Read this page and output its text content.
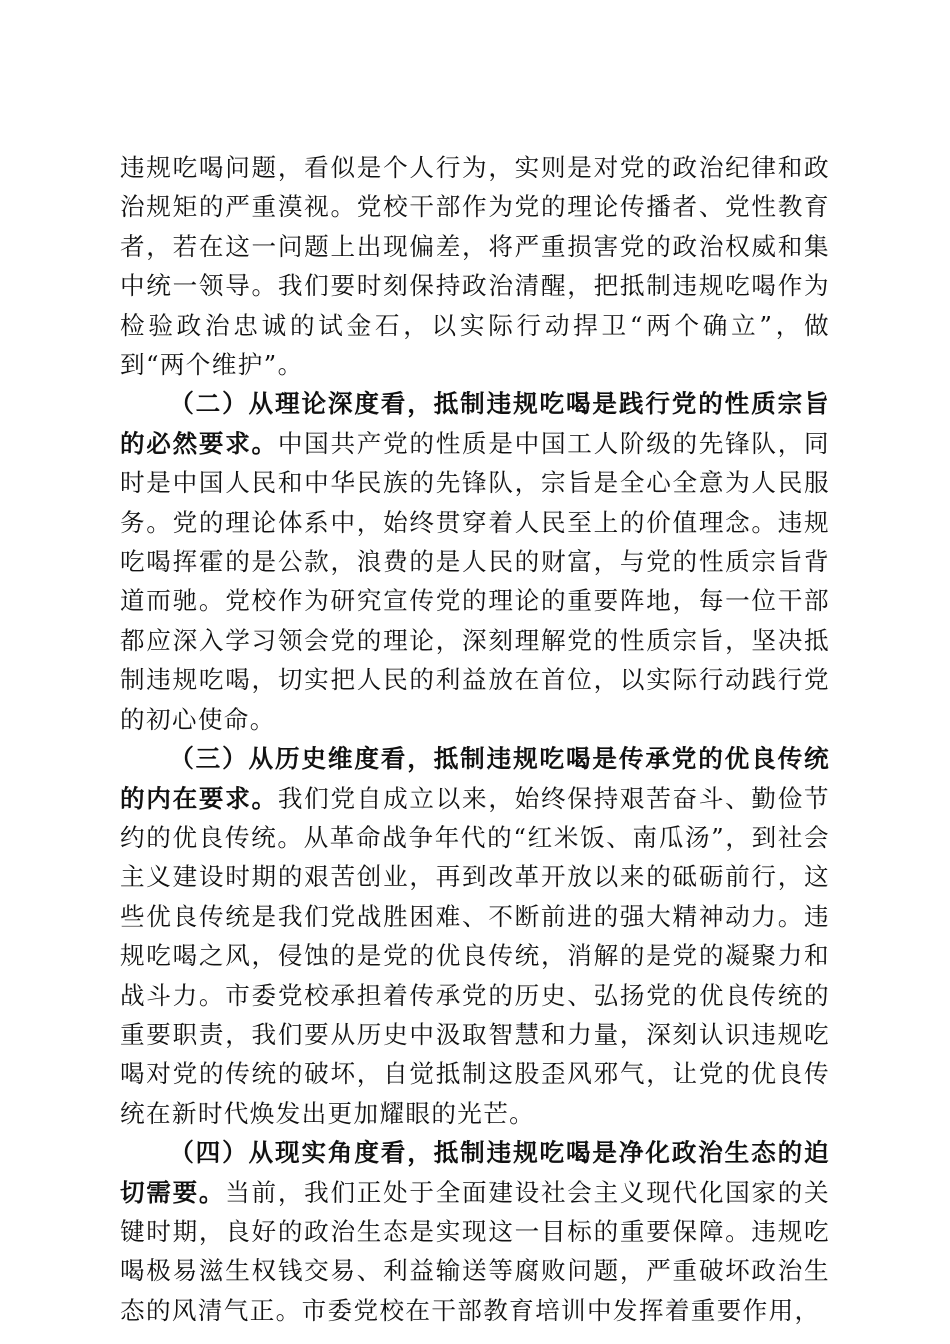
违规吃喝问题，看似是个人行为，实则是对党的政治纪律和政治规矩的严重漠视。党校干部作为党的理论传播者、党性教育者，若在这一问题上出现偏差，将严重损害党的政治权威和集中统一领导。我们要时刻保持政治清醒，把抵制违规吃喝作为检验政治忠诚的试金石，以实际行动捍卫“两个确立”，做到“两个维护”。

（二）从理论深度看，抵制违规吃喝是践行党的性质宗旨的必然要求。中国共产党的性质是中国工人阶级的先锋队，同时是中国人民和中华民族的先锋队，宗旨是全心全意为人民服务。党的理论体系中，始终贯穿着人民至上的价值理念。违规吃喝挥霍的是公款，浪费的是人民的财富，与党的性质宗旨背道而驰。党校作为研究宣传党的理论的重要阵地，每一位干部都应深入学习领会党的理论，深刻理解党的性质宗旨，坚决抵制违规吃喝，切实把人民的利益放在首位，以实际行动践行党的初心使命。

（三）从历史维度看，抵制违规吃喝是传承党的优良传统的内在要求。我们党自成立以来，始终保持艰苦奋斗、勤俭节约的优良传统。从革命战争年代的“红米饭、南瓜汤”，到社会主义建设时期的艰苦创业，再到改革开放以来的砥砺前行，这些优良传统是我们党战胜困难、不断前进的强大精神动力。违规吃喝之风，侵蚀的是党的优良传统，消解的是党的凝聚力和战斗力。市委党校承担着传承党的历史、弘扬党的优良传统的重要职责，我们要从历史中汲取智慧和力量，深刻认识违规吃喝对党的传统的破坏，自觉抵制这股歪风邪气，让党的优良传统在新时代焕发出更加耀眼的光芒。

（四）从现实角度看，抵制违规吃喝是净化政治生态的迫切需要。当前，我们正处于全面建设社会主义现代化国家的关键时期，良好的政治生态是实现这一目标的重要保障。违规吃喝极易滋生权钱交易、利益输送等腐败问题，严重破坏政治生态的风清气正。市委党校在干部教育培训中发挥着重要作用，
